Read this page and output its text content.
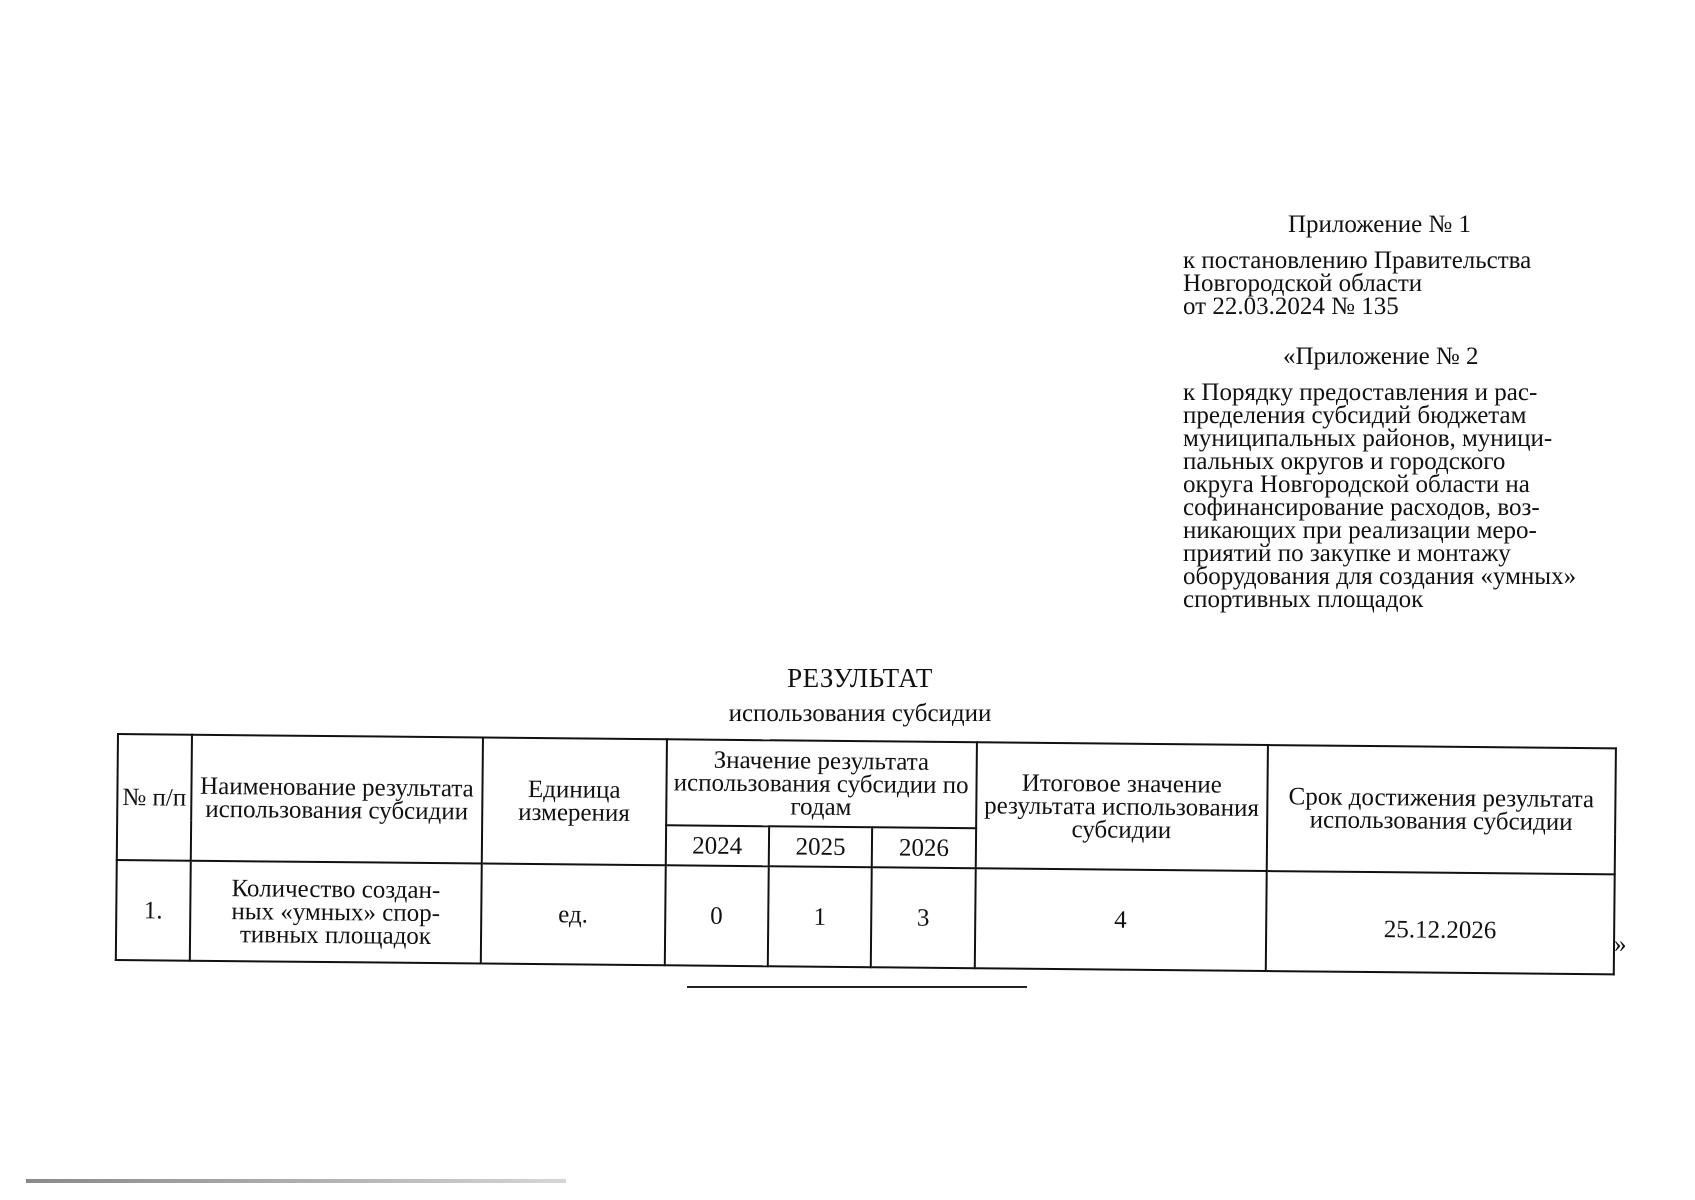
Приложение № 1
к постановлению Правительства
Новгородской области
от 22.03.2024 № 135
«Приложение № 2
к Порядку предоставления и рас-
пределения субсидий бюджетам
муниципальных районов, муници-
пальных округов и городского
округа Новгородской области на
софинансирование расходов, воз-
никающих при реализации меро-
приятий по закупке и монтажу
оборудования для создания «умных»
спортивных площадок
РЕЗУЛЬТАТ
использования субсидии
№ п/п	Наименование результата использования субсидии	Единица измерения	Значение результата использования субсидии по годам			Итоговое значение результата использования субсидии	Срок достижения результата использования субсидии
			2024	2025	2026		
1.	Количество создан-
ных «умных» спор-
тивных площадок	ед.	0	1	3	4	25.12.2026
»
